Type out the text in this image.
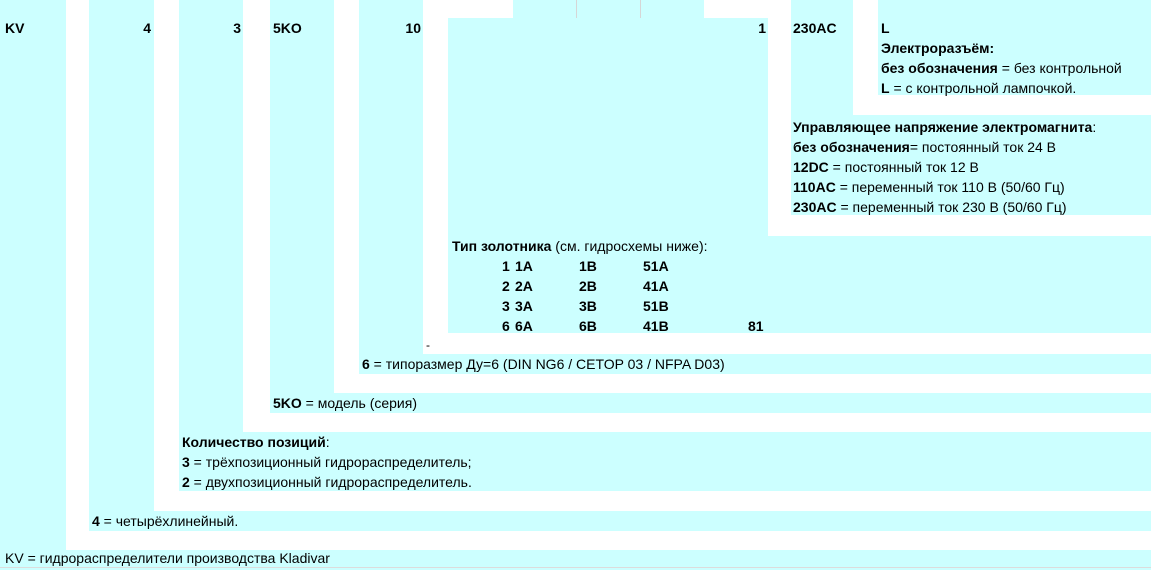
KV	4	3 5KO	10	1 230AC	L
Электроразъём:
без обозначения = без контрольной
L = с контрольной лампочкой.
Управляющее напряжение электромагнита:
без обозначения= постоянный ток 24 В
12DC = постоянный ток 12 В
110AC = переменный ток 110 В (50/60 Гц)
230AC = переменный ток 230 В (50/60 Гц)
Тип золотника (см. гидросхемы ниже):
1 1A	1B	51A
2 2A	2B	41A
3 3A	3B	51B
6 6A	6B	41B	81
-
6 = типоразмер Ду=6 (DIN NG6 / CETOP 03 / NFPA D03)
5KO = модель (серия)
Количество позиций:
3 = трёхпозиционный гидрораспределитель;
2 = двухпозиционный гидрораспределитель.
4 = четырёхлинейный.
KV = гидрораспределители производства Kladivar
